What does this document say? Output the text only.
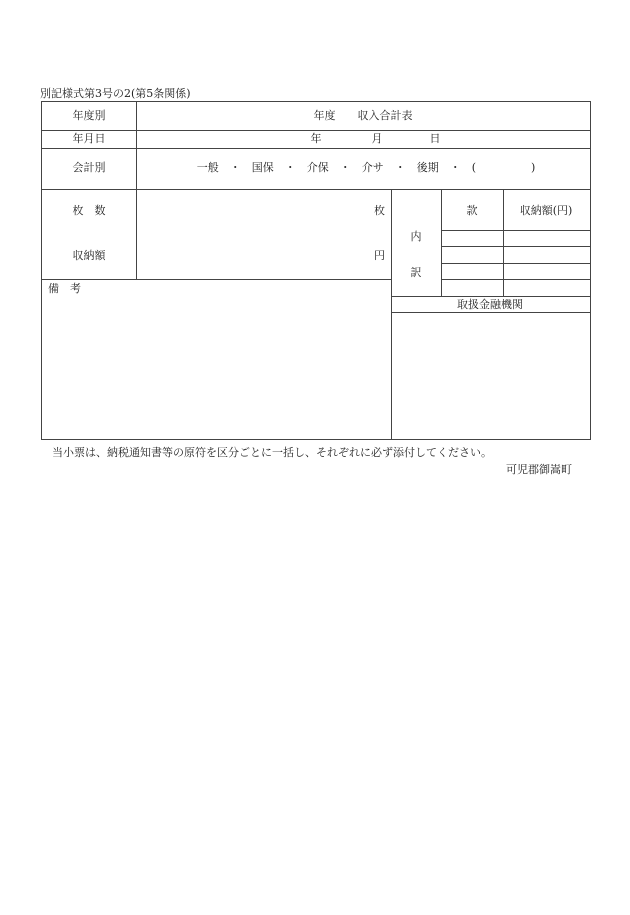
別記様式第3号の2(第5条関係)
年度別	年度　　収入合計表
年月日	年	月	日
会計別	一般　・　国保　・　介保　・　介サ　・　後期　・　(　　　　　)
枚　数	枚
収納額	円
備　考
内
訳
款	収納額(円)
取扱金融機関
当小票は、納税通知書等の原符を区分ごとに一括し、それぞれに必ず添付してください。
可児郡御嵩町
